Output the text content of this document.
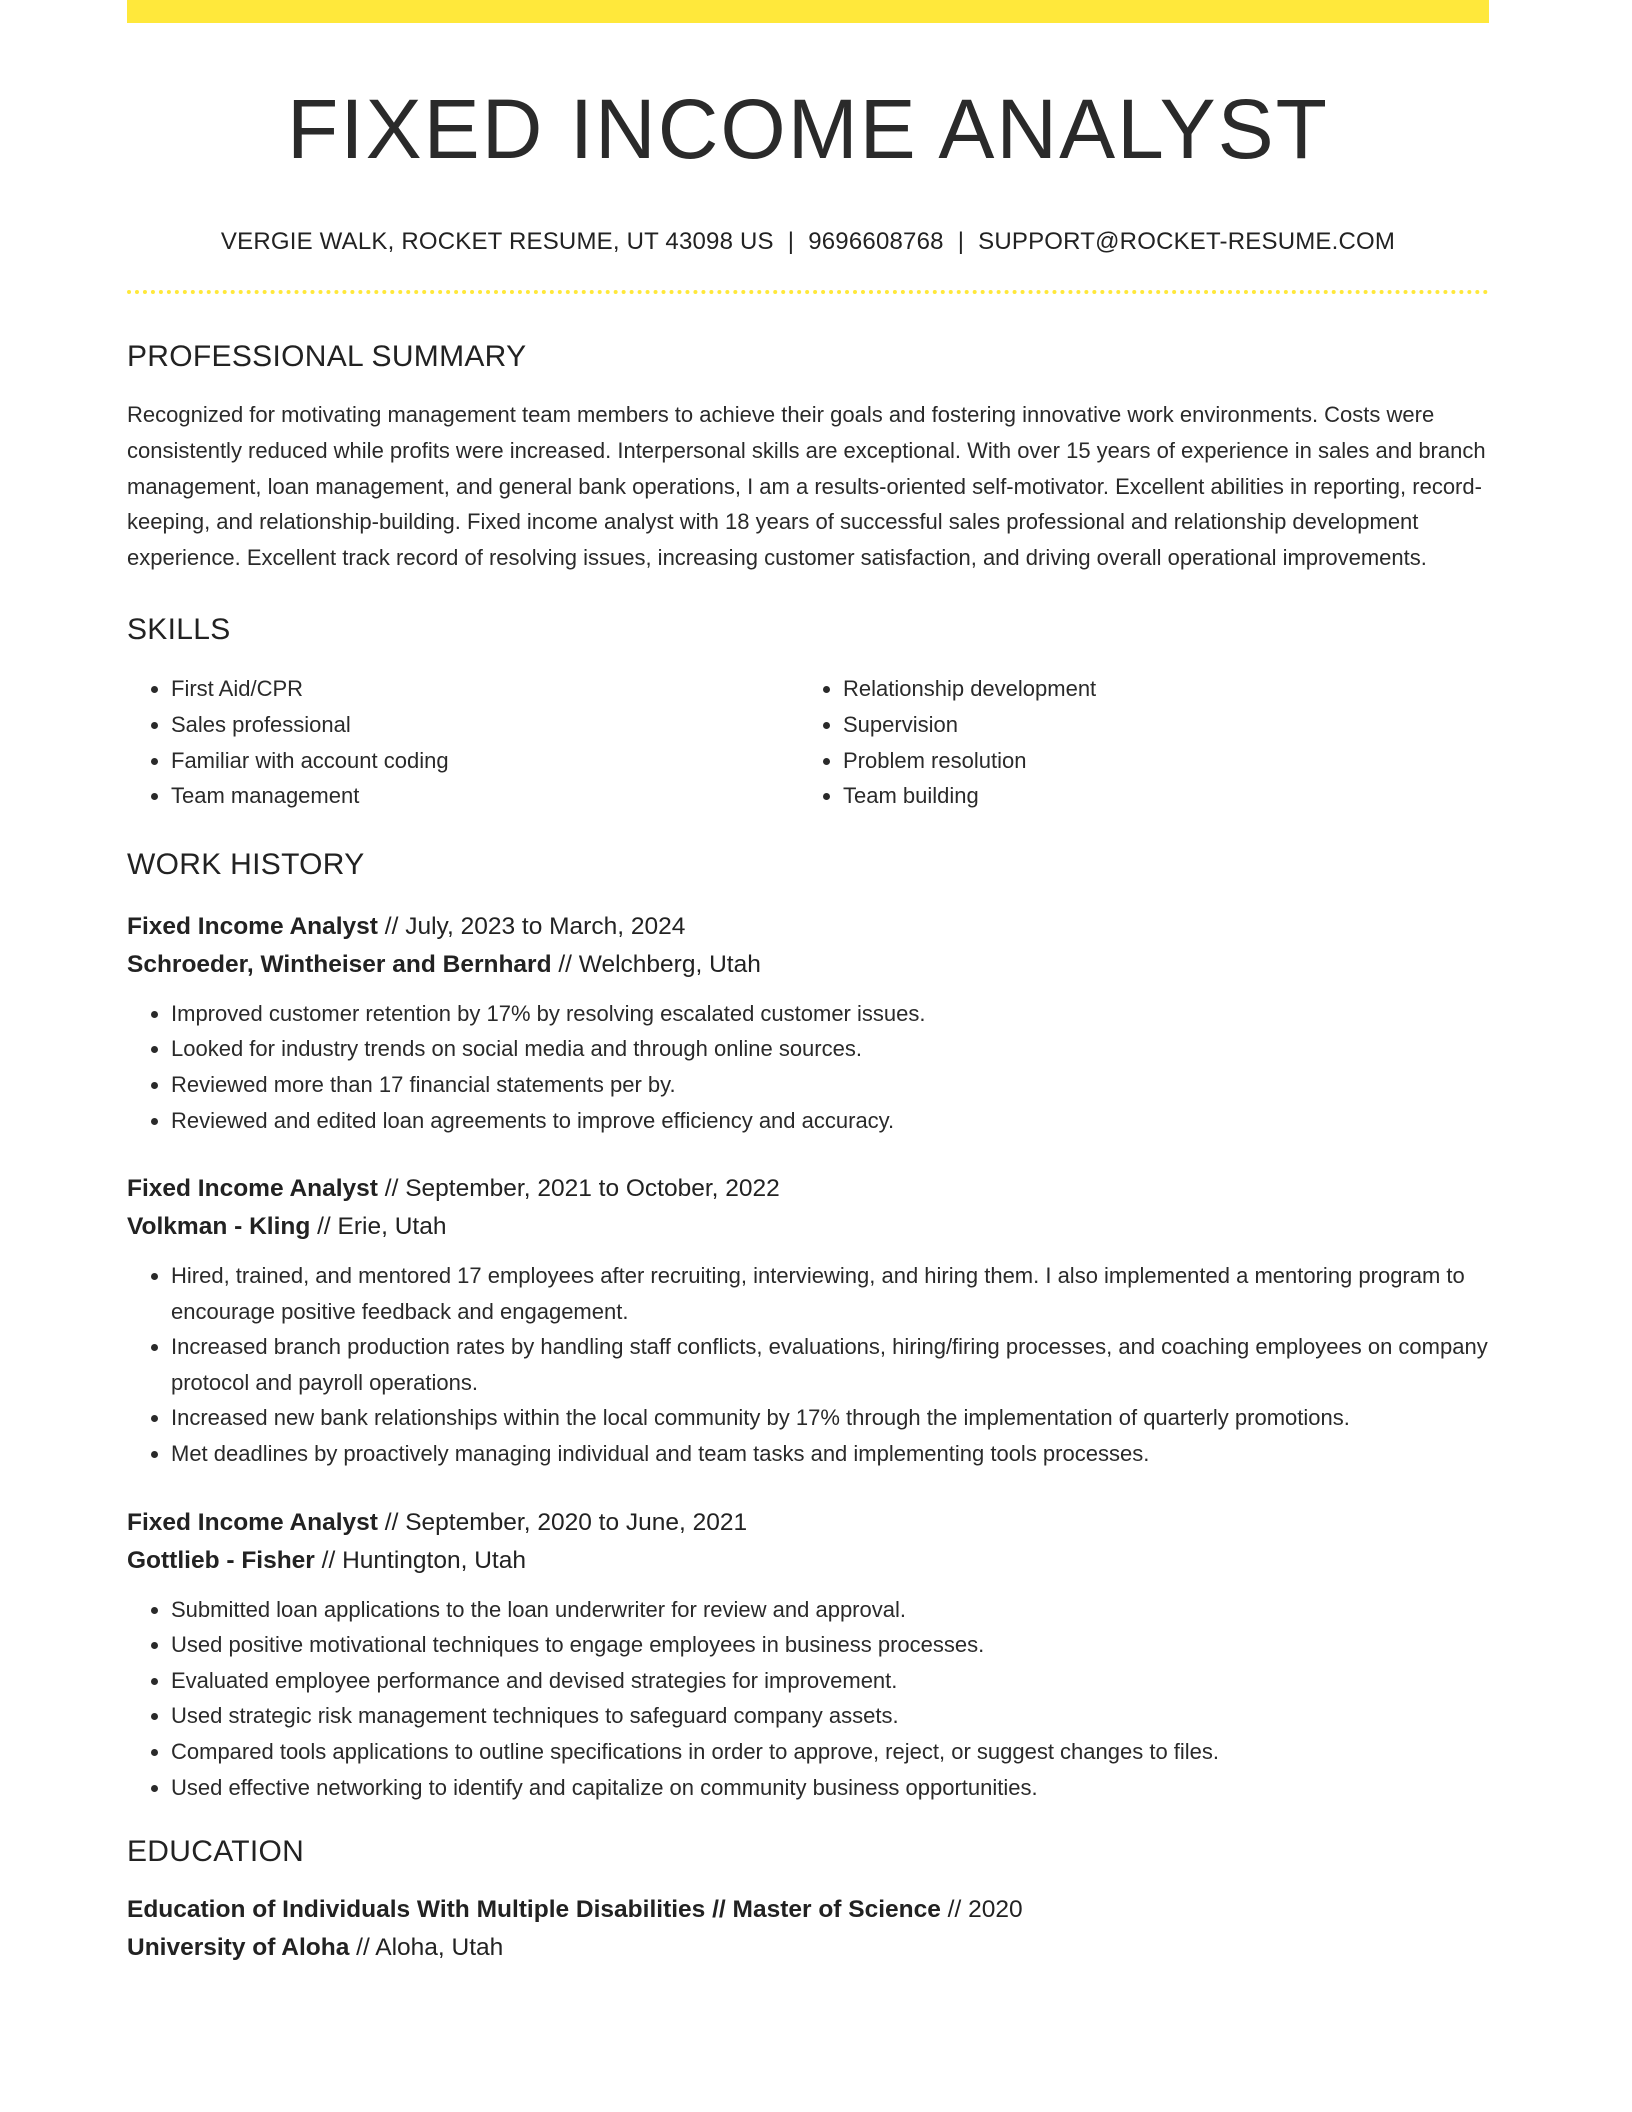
FIXED INCOME ANALYST
VERGIE WALK, ROCKET RESUME, UT 43098 US | 9696608768 | SUPPORT@ROCKET-RESUME.COM
PROFESSIONAL SUMMARY

Recognized for motivating management team members to achieve their goals and fostering innovative work environments. Costs were consistently reduced while profits were increased. Interpersonal skills are exceptional. With over 15 years of experience in sales and branch management, loan management, and general bank operations, I am a results-oriented self-motivator. Excellent abilities in reporting, record-keeping, and relationship-building. Fixed income analyst with 18 years of successful sales professional and relationship development experience. Excellent track record of resolving issues, increasing customer satisfaction, and driving overall operational improvements.

SKILLS
• First Aid/CPR
• Sales professional
• Familiar with account coding
• Team management
• Relationship development
• Supervision
• Problem resolution
• Team building
WORK HISTORY
Fixed Income Analyst // July, 2023 to March, 2024
Schroeder, Wintheiser and Bernhard // Welchberg, Utah
• Improved customer retention by 17% by resolving escalated customer issues.
• Looked for industry trends on social media and through online sources.
• Reviewed more than 17 financial statements per by.
• Reviewed and edited loan agreements to improve efficiency and accuracy.
Fixed Income Analyst // September, 2021 to October, 2022
Volkman - Kling // Erie, Utah
• Hired, trained, and mentored 17 employees after recruiting, interviewing, and hiring them. I also implemented a mentoring program to encourage positive feedback and engagement.
• Increased branch production rates by handling staff conflicts, evaluations, hiring/firing processes, and coaching employees on company protocol and payroll operations.
• Increased new bank relationships within the local community by 17% through the implementation of quarterly promotions.
• Met deadlines by proactively managing individual and team tasks and implementing tools processes.
Fixed Income Analyst // September, 2020 to June, 2021
Gottlieb - Fisher // Huntington, Utah
• Submitted loan applications to the loan underwriter for review and approval.
• Used positive motivational techniques to engage employees in business processes.
• Evaluated employee performance and devised strategies for improvement.
• Used strategic risk management techniques to safeguard company assets.
• Compared tools applications to outline specifications in order to approve, reject, or suggest changes to files.
• Used effective networking to identify and capitalize on community business opportunities.
EDUCATION
Education of Individuals With Multiple Disabilities // Master of Science // 2020
University of Aloha // Aloha, Utah
